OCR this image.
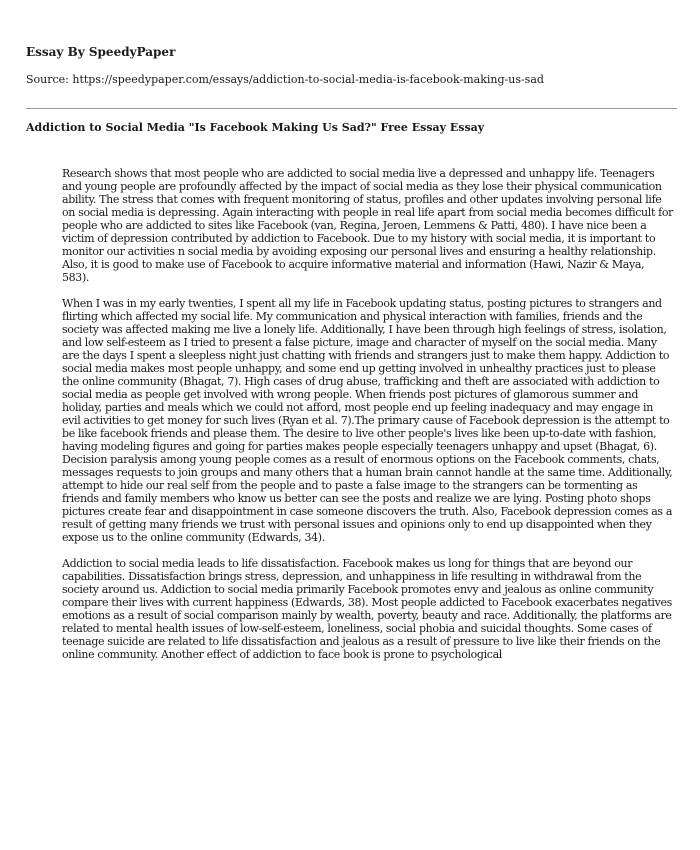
Essay By SpeedyPaper
Source: https://speedypaper.com/essays/addiction-to-social-media-is-facebook-making-us-sad
Addiction to Social Media "Is Facebook Making Us Sad?" Free Essay Essay

Research shows that most people who are addicted to social media live a depressed and unhappy life. Teenagers and young people are profoundly affected by the impact of social media as they lose their physical communication ability. The stress that comes with frequent monitoring of status, profiles and other updates involving personal life on social media is depressing. Again interacting with people in real life apart from social media becomes difficult for people who are addicted to sites like Facebook (van, Regina, Jeroen, Lemmens & Patti, 480). I have nice been a victim of depression contributed by addiction to Facebook. Due to my history with social media, it is important to monitor our activities n social media by avoiding exposing our personal lives and ensuring a healthy relationship. Also, it is good to make use of Facebook to acquire informative material and information (Hawi, Nazir & Maya, 583).

When I was in my early twenties, I spent all my life in Facebook updating status, posting pictures to strangers and flirting which affected my social life. My communication and physical interaction with families, friends and the society was affected making me live a lonely life. Additionally, I have been through high feelings of stress, isolation, and low self-esteem as I tried to present a false picture, image and character of myself on the social media. Many are the days I spent a sleepless night just chatting with friends and strangers just to make them happy. Addiction to social media makes most people unhappy, and some end up getting involved in unhealthy practices just to please the online community (Bhagat, 7). High cases of drug abuse, trafficking and theft are associated with addiction to social media as people get involved with wrong people. When friends post pictures of glamorous summer and holiday, parties and meals which we could not afford, most people end up feeling inadequacy and may engage in evil activities to get money for such lives (Ryan et al. 7).The primary cause of Facebook depression is the attempt to be like facebook friends and please them. The desire to live other people's lives like been up-to-date with fashion, having modeling figures and going for parties makes people especially teenagers unhappy and upset (Bhagat, 6). Decision paralysis among young people comes as a result of enormous options on the Facebook comments, chats, messages requests to join groups and many others that a human brain cannot handle at the same time. Additionally, attempt to hide our real self from the people and to paste a false image to the strangers can be tormenting as friends and family members who know us better can see the posts and realize we are lying. Posting photo shops pictures create fear and disappointment in case someone discovers the truth. Also, Facebook depression comes as a result of getting many friends we trust with personal issues and opinions only to end up disappointed when they expose us to the online community (Edwards, 34).

Addiction to social media leads to life dissatisfaction. Facebook makes us long for things that are beyond our capabilities. Dissatisfaction brings stress, depression, and unhappiness in life resulting in withdrawal from the society around us. Addiction to social media primarily Facebook promotes envy and jealous as online community compare their lives with current happiness (Edwards, 38). Most people addicted to Facebook exacerbates negatives emotions as a result of social comparison mainly by wealth, poverty, beauty and race. Additionally, the platforms are related to mental health issues of low-self-esteem, loneliness, social phobia and suicidal thoughts. Some cases of teenage suicide are related to life dissatisfaction and jealous as a result of pressure to live like their friends on the online community. Another effect of addiction to face book is prone to psychological
